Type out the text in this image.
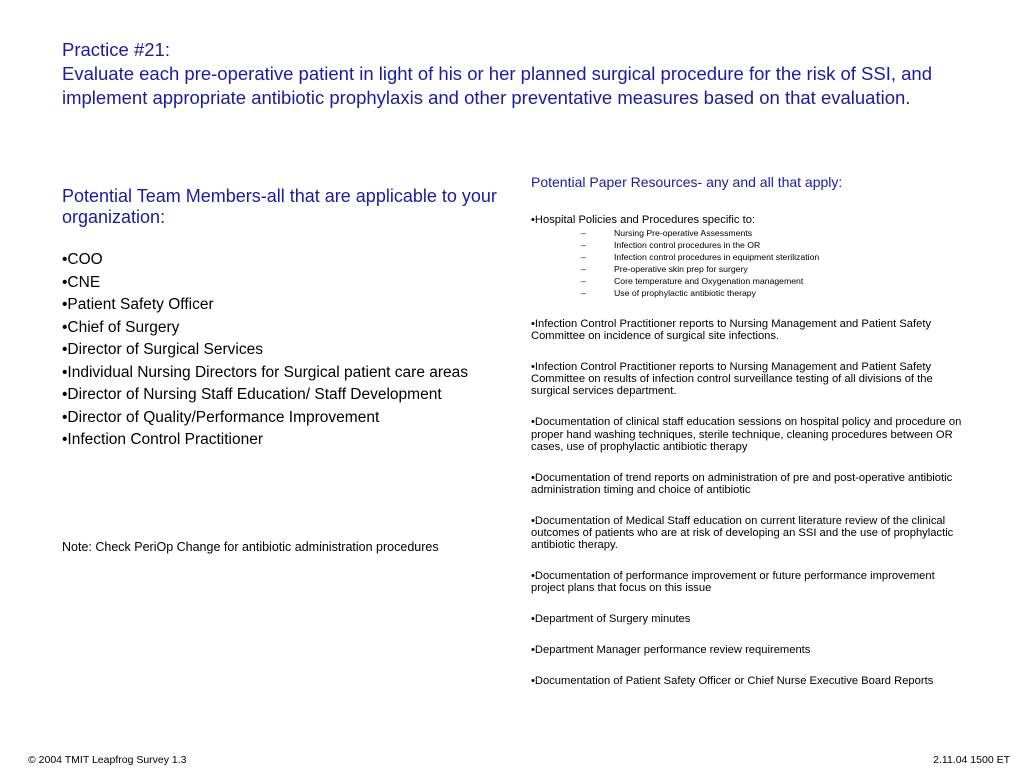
Practice #21:
Evaluate each pre-operative patient in light of his or her planned surgical procedure for the risk of SSI, and implement appropriate antibiotic prophylaxis and other preventative measures based on that evaluation.
Potential Team Members-all that are applicable to your organization:
•COO
•CNE
•Patient Safety Officer
•Chief of Surgery
•Director of Surgical Services
•Individual Nursing Directors for Surgical patient care areas
•Director of Nursing Staff Education/ Staff Development
•Director of Quality/Performance Improvement
•Infection Control Practitioner
Note: Check PeriOp Change for antibiotic administration procedures
Potential Paper Resources- any and all that apply:
•Hospital Policies and Procedures specific to:
–	Nursing Pre-operative Assessments
–	Infection control procedures in the OR
–	Infection control procedures in equipment sterilization
–	Pre-operative skin prep for surgery
–	Core temperature and Oxygenation management
–	Use of prophylactic antibiotic therapy
•Infection Control Practitioner reports to Nursing Management and Patient Safety Committee on incidence of surgical site infections.
•Infection Control Practitioner reports to Nursing Management and Patient Safety Committee on results of infection control surveillance testing of all divisions of the surgical services department.
•Documentation of clinical staff education sessions on hospital policy and procedure on proper hand washing techniques, sterile technique, cleaning procedures between OR cases, use of prophylactic antibiotic therapy
•Documentation of trend reports on administration of pre and post-operative antibiotic administration timing and choice of antibiotic
•Documentation of Medical Staff education on current literature review of the clinical outcomes of patients who are at risk of developing an SSI and the use of prophylactic antibiotic therapy.
•Documentation of performance improvement or future performance improvement project plans that focus on this issue
•Department of Surgery minutes
•Department Manager performance review requirements
•Documentation of Patient Safety Officer or Chief Nurse Executive Board Reports
© 2004 TMIT Leapfrog Survey 1.3	2.11.04 1500 ET
